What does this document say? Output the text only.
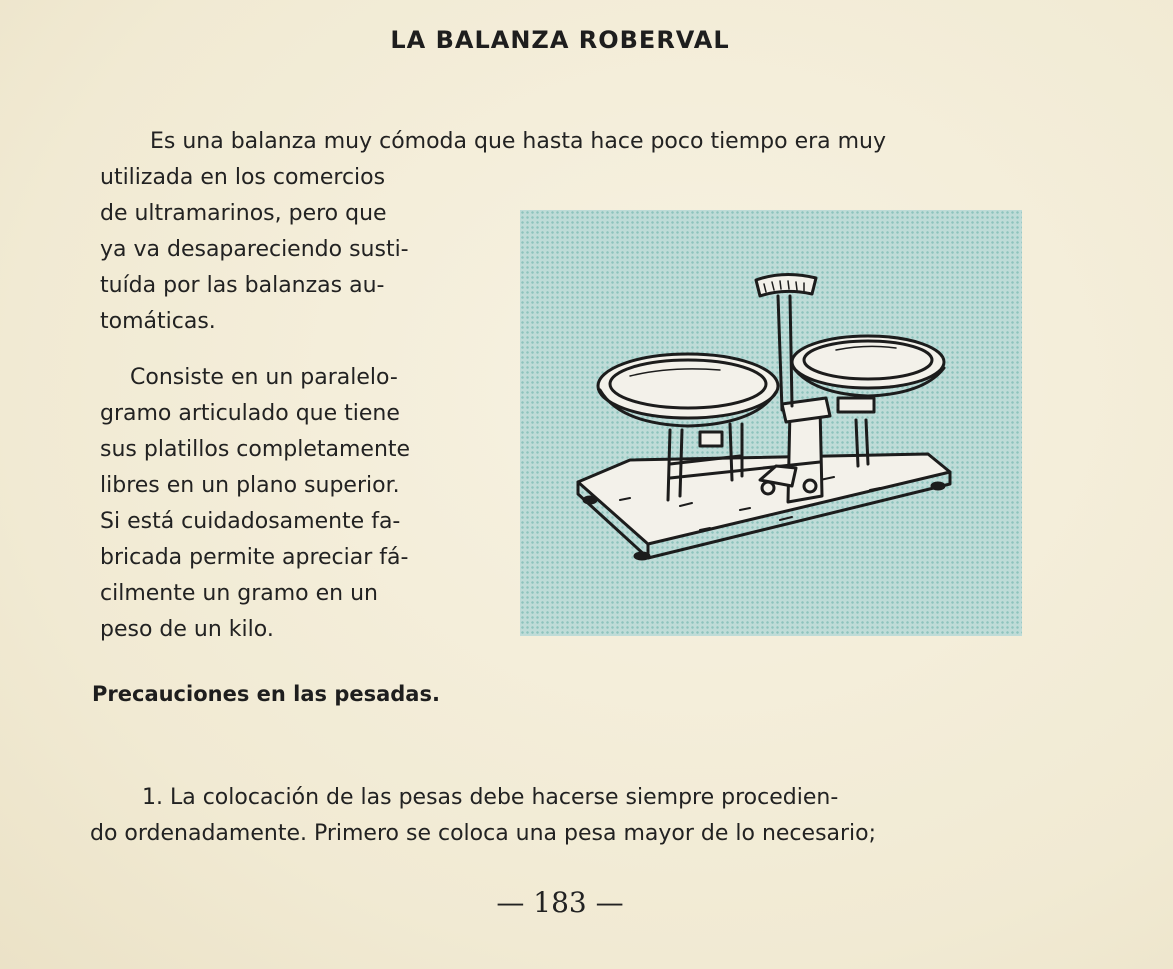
LA BALANZA ROBERVAL
Es una balanza muy cómoda que hasta hace poco tiempo era muy
utilizada en los comercios
de ultramarinos, pero que
ya va desapareciendo susti-
tuída por las balanzas au-
tomáticas.
Consiste en un paralelo-
gramo articulado que tiene
sus platillos completamente
libres en un plano superior.
Si está cuidadosamente fa-
bricada permite apreciar fá-
cilmente un gramo en un
peso de un kilo.
Precauciones en las pesadas.
1. La colocación de las pesas debe hacerse siempre procedien-
do ordenadamente. Primero se coloca una pesa mayor de lo necesario;
— 183 —
